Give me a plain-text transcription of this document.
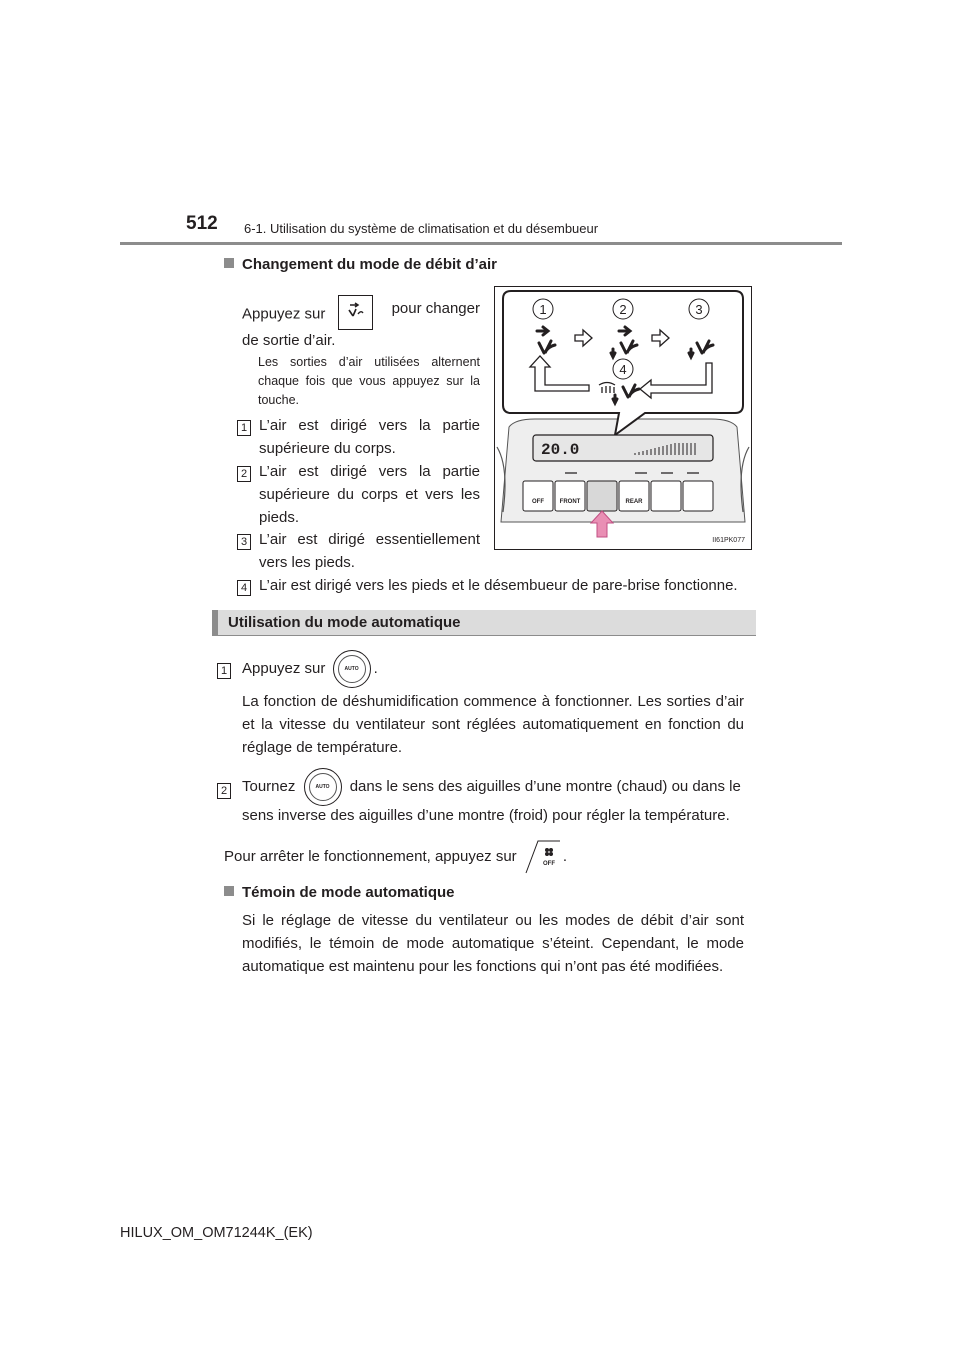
512 6-1. Utilisation du système de climatisation et du désembueur
Changement du mode de débit d’air
Appuyez sur	pour changer
de sortie d’air.
Les sorties d’air utilisées alternent chaque fois que vous appuyez sur la touche.
1 L’air est dirigé vers la partie supérieure du corps.
2 L’air est dirigé vers la partie supérieure du corps et vers les pieds.
3 L’air est dirigé essentiellement vers les pieds.
4 L’air est dirigé vers les pieds et le désembueur de pare-brise fonctionne.
1	2	3
4
20.0
OFF	FRONT	REAR
II61PK077
Utilisation du mode automatique
1 Appuyez sur	AUTO .
La fonction de déshumidification commence à fonctionner. Les sorties d’air et la vitesse du ventilateur sont réglées automatiquement en fonction du réglage de température.
2 Tournez	AUTO	dans le sens des aiguilles d’une montre (chaud) ou dans le
sens inverse des aiguilles d’une montre (froid) pour régler la température.
Pour arrêter le fonctionnement, appuyez sur	OFF .
Témoin de mode automatique
Si le réglage de vitesse du ventilateur ou les modes de débit d’air sont modifiés, le témoin de mode automatique s’éteint. Cependant, le mode automatique est maintenu pour les fonctions qui n’ont pas été modifiées.
HILUX_OM_OM71244K_(EK)
